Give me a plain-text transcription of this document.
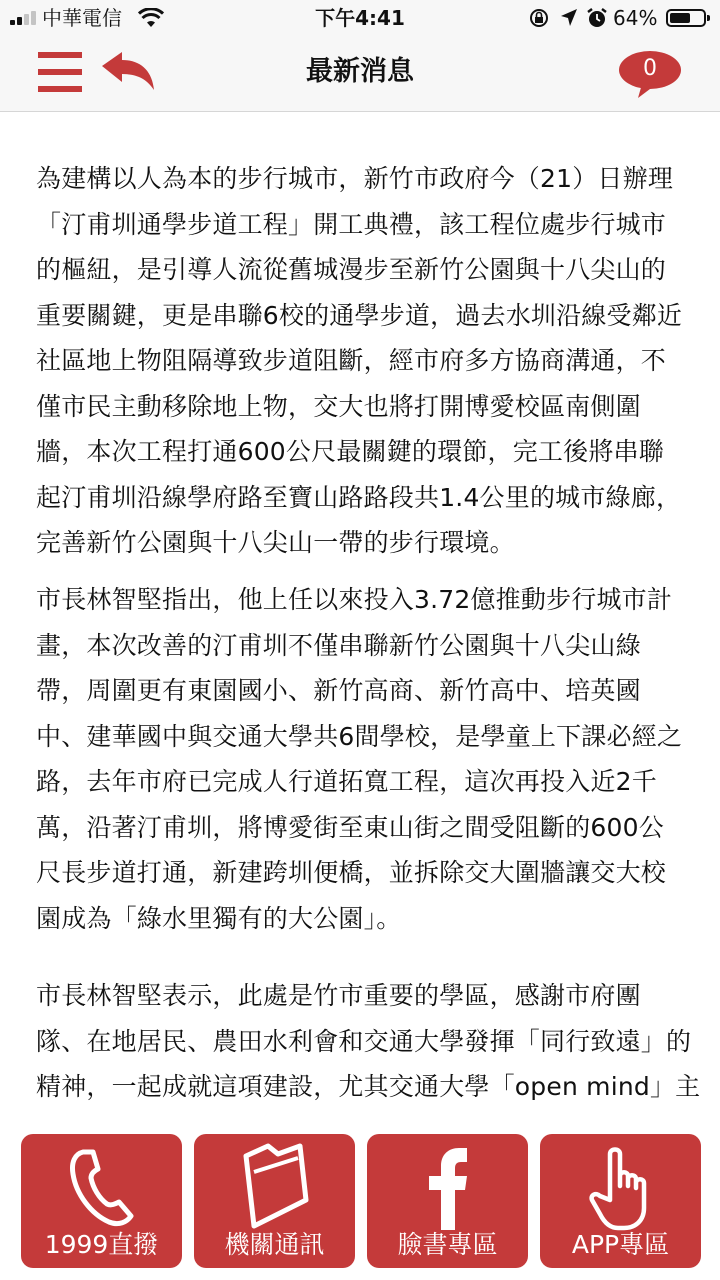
中華電信	下午4:41	64%
最新消息	0
為建構以人為本的步行城市，新竹市政府今（21）日辦理
「汀甫圳通學步道工程」開工典禮，該工程位處步行城市
的樞紐，是引導人流從舊城漫步至新竹公園與十八尖山的
重要關鍵，更是串聯6校的通學步道，過去水圳沿線受鄰近
社區地上物阻隔導致步道阻斷，經市府多方協商溝通，不
僅市民主動移除地上物，交大也將打開博愛校區南側圍
牆，本次工程打通600公尺最關鍵的環節，完工後將串聯
起汀甫圳沿線學府路至寶山路路段共1.4公里的城市綠廊，
完善新竹公園與十八尖山一帶的步行環境。
市長林智堅指出，他上任以來投入3.72億推動步行城市計
畫，本次改善的汀甫圳不僅串聯新竹公園與十八尖山綠
帶，周圍更有東園國小、新竹高商、新竹高中、培英國
中、建華國中與交通大學共6間學校，是學童上下課必經之
路，去年市府已完成人行道拓寬工程，這次再投入近2千
萬，沿著汀甫圳，將博愛街至東山街之間受阻斷的600公
尺長步道打通，新建跨圳便橋，並拆除交大圍牆讓交大校
園成為「綠水里獨有的大公園」。
市長林智堅表示，此處是竹市重要的學區，感謝市府團
隊、在地居民、農田水利會和交通大學發揮「同行致遠」的
精神，一起成就這項建設，尤其交通大學「open mind」主
1999直撥	機關通訊	臉書專區	APP專區
